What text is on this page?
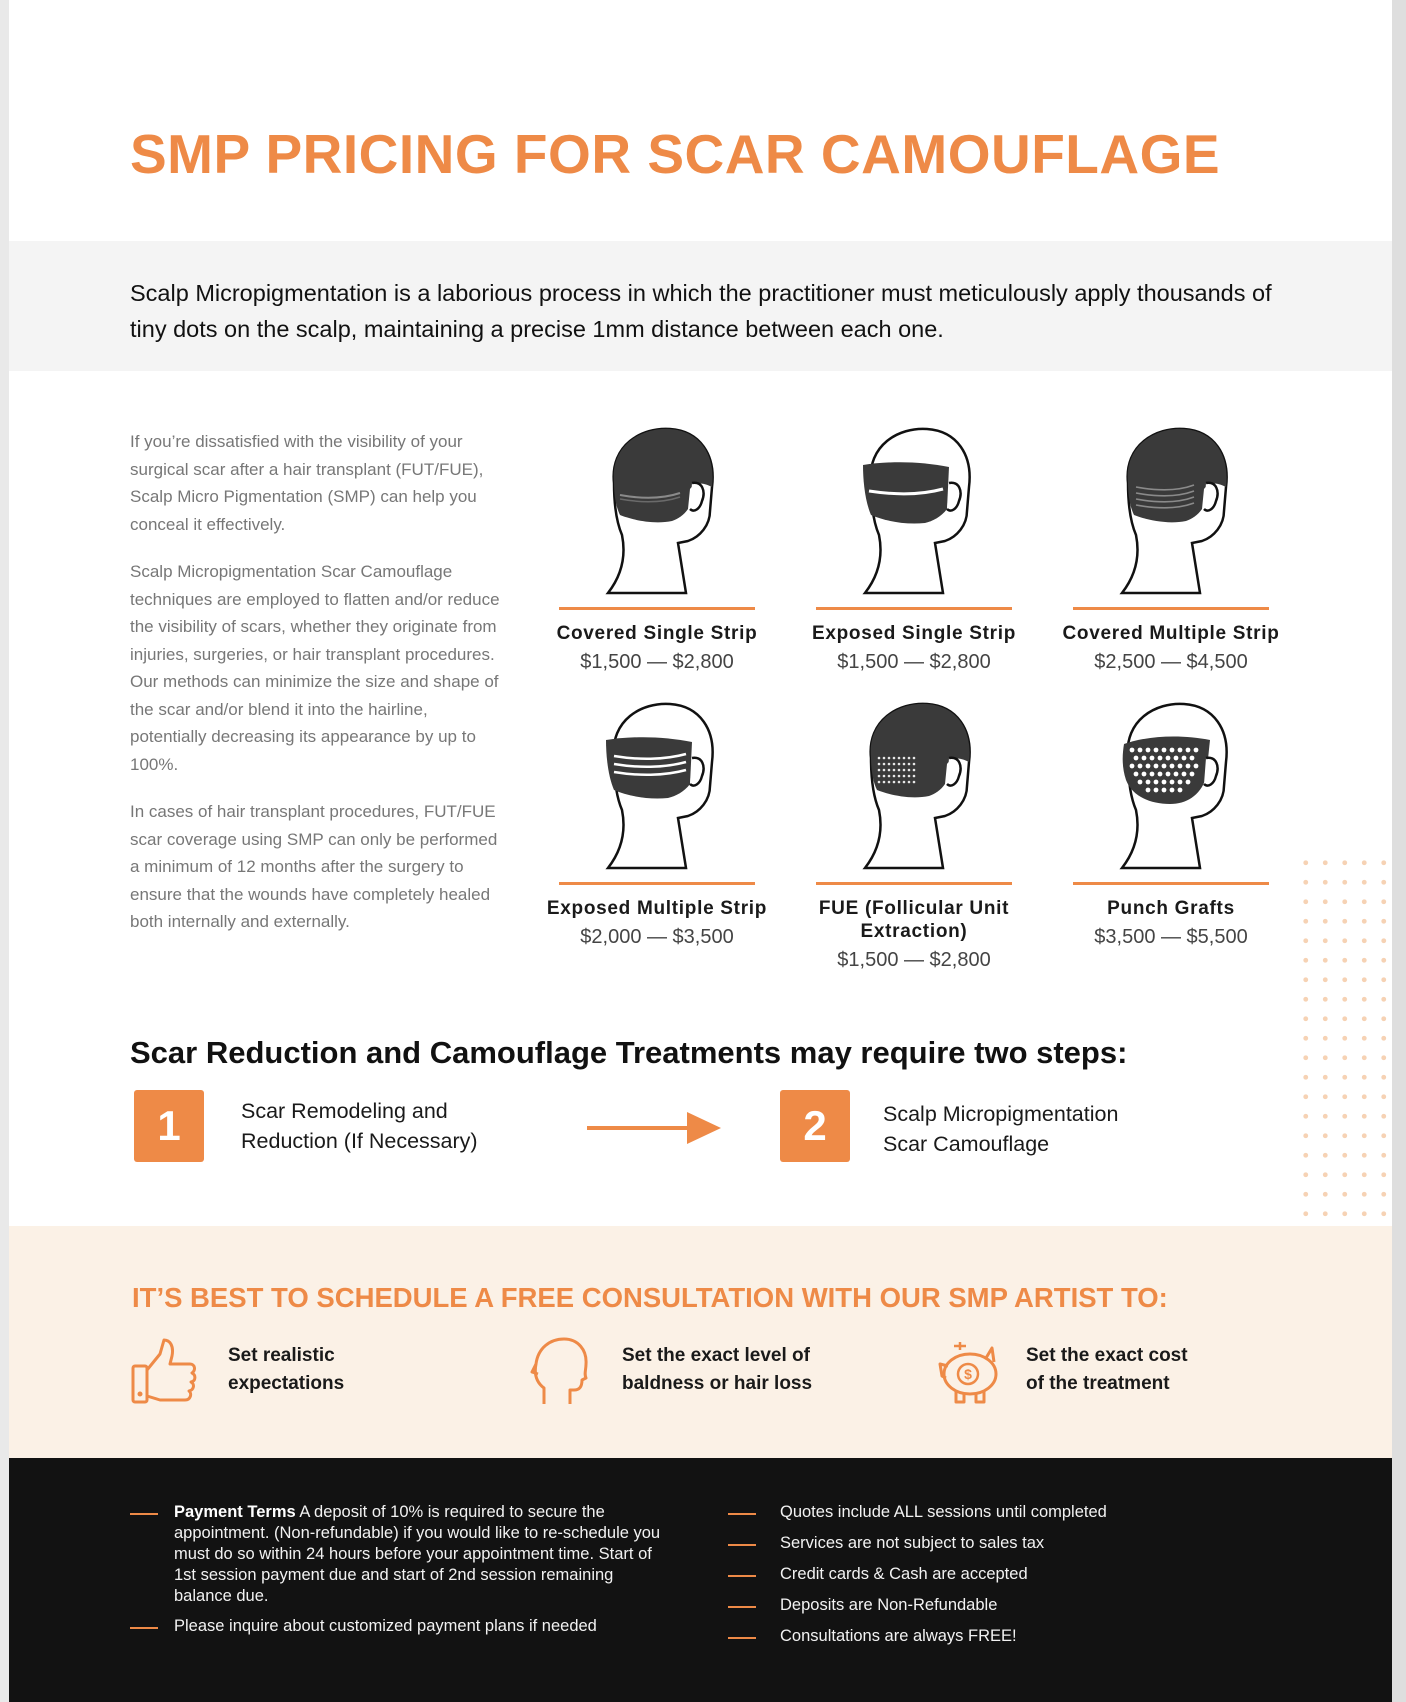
SMP PRICING FOR SCAR CAMOUFLAGE

Scalp Micropigmentation is a laborious process in which the practitioner must meticulously apply thousands of tiny dots on the scalp, maintaining a precise 1mm distance between each one.

If you’re dissatisfied with the visibility of your surgical scar after a hair transplant (FUT/FUE), Scalp Micro Pigmentation (SMP) can help you conceal it effectively.

Scalp Micropigmentation Scar Camouflage techniques are employed to flatten and/or reduce the visibility of scars, whether they originate from injuries, surgeries, or hair transplant procedures. Our methods can minimize the size and shape of the scar and/or blend it into the hairline, potentially decreasing its appearance by up to 100%.

In cases of hair transplant procedures, FUT/FUE scar coverage using SMP can only be performed a minimum of 12 months after the surgery to ensure that the wounds have completely healed both internally and externally.

Covered Single Strip
$1,500 — $2,800
Exposed Single Strip
$1,500 — $2,800
Covered Multiple Strip
$2,500 — $4,500
Exposed Multiple Strip
$2,000 — $3,500
FUE (Follicular Unit Extraction)
$1,500 — $2,800
Punch Grafts
$3,500 — $5,500
Scar Reduction and Camouflage Treatments may require two steps:
1	Scar Remodeling and
Reduction (If Necessary)	2	Scalp Micropigmentation
Scar Camouflage
IT’S BEST TO SCHEDULE A FREE CONSULTATION WITH OUR SMP ARTIST TO:
Set realistic
expectations
Set the exact level of
baldness or hair loss	$
Set the exact cost
of the treatment
Payment Terms A deposit of 10% is required to secure the appointment. (Non-refundable) if you would like to re-schedule you must do so within 24 hours before your appointment time. Start of 1st session payment due and start of 2nd session remaining balance due.
Please inquire about customized payment plans if needed
Quotes include ALL sessions until completed
Services are not subject to sales tax
Credit cards & Cash are accepted
Deposits are Non-Refundable
Consultations are always FREE!
